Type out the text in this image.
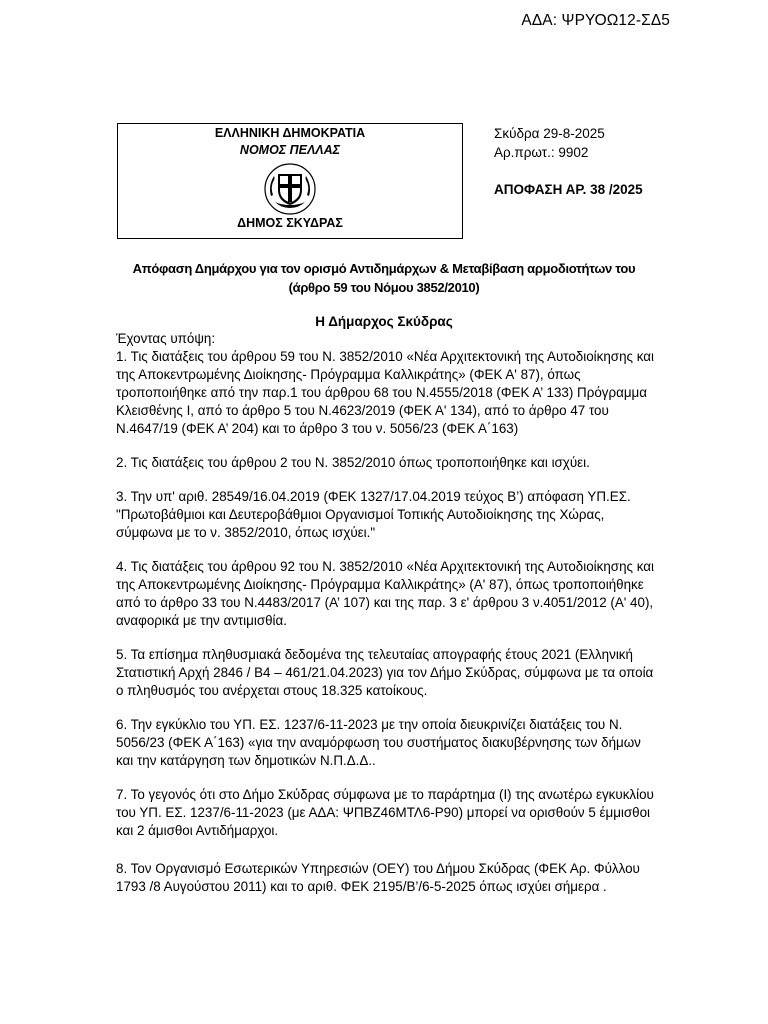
ΑΔΑ: ΨΡΥΟΩ12-ΣΔ5
ΕΛΛΗΝΙΚΗ ΔΗΜΟΚΡΑΤΙΑ
ΝΟΜΟΣ ΠΕΛΛΑΣ
ΔΗΜΟΣ ΣΚΥΔΡΑΣ
Σκύδρα 29-8-2025
Αρ.πρωτ.: 9902
ΑΠΟΦΑΣΗ ΑΡ. 38 /2025
Απόφαση Δημάρχου για τον ορισμό Αντιδημάρχων & Μεταβίβαση αρμοδιοτήτων του
(άρθρο 59 του Νόμου 3852/2010)
Η Δήμαρχος Σκύδρας

Έχοντας υπόψη:

1. Τις διατάξεις του άρθρου 59 του Ν. 3852/2010 «Νέα Αρχιτεκτονική της Αυτοδιοίκησης και της Αποκεντρωμένης Διοίκησης- Πρόγραμμα Καλλικράτης» (ΦΕΚ Α' 87), όπως τροποποιήθηκε από την παρ.1 του άρθρου 68 του Ν.4555/2018 (ΦΕΚ Α’ 133) Πρόγραμμα Κλεισθένης Ι, από το άρθρο 5 του Ν.4623/2019 (ΦΕΚ Α' 134), από το άρθρο 47 του Ν.4647/19 (ΦΕΚ Α’ 204) και το άρθρο 3 του ν. 5056/23 (ΦΕΚ Α΄163)

2. Τις διατάξεις του άρθρου 2 του Ν. 3852/2010 όπως τροποποιήθηκε και ισχύει.

3. Την υπ' αριθ. 28549/16.04.2019 (ΦΕΚ 1327/17.04.2019 τεύχος Β’) απόφαση ΥΠ.ΕΣ. "Πρωτοβάθμιοι και Δευτεροβάθμιοι Οργανισμοί Τοπικής Αυτοδιοίκησης της Χώρας, σύμφωνα με το ν. 3852/2010, όπως ισχύει."

4. Τις διατάξεις του άρθρου 92 του Ν. 3852/2010 «Νέα Αρχιτεκτονική της Αυτοδιοίκησης και της Αποκεντρωμένης Διοίκησης- Πρόγραμμα Καλλικράτης» (Α' 87), όπως τροποποιήθηκε από το άρθρο 33 του Ν.4483/2017 (Α’ 107) και της παρ. 3 ε' άρθρου 3 ν.4051/2012 (Α' 40), αναφορικά με την αντιμισθία.

5. Τα επίσημα πληθυσμιακά δεδομένα της τελευταίας απογραφής έτους 2021 (Ελληνική Στατιστική Αρχή 2846 / Β4 – 461/21.04.2023) για τον Δήμο Σκύδρας, σύμφωνα με τα οποία ο πληθυσμός του ανέρχεται στους 18.325 κατοίκους.

6. Την εγκύκλιο του ΥΠ. ΕΣ. 1237/6-11-2023 με την οποία διευκρινίζει διατάξεις του Ν. 5056/23 (ΦΕΚ Α΄163) «για την αναμόρφωση του συστήματος διακυβέρνησης των δήμων και την κατάργηση των δημοτικών Ν.Π.Δ.Δ..

7. Το γεγονός ότι στο Δήμο Σκύδρας σύμφωνα με το παράρτημα (Ι) της ανωτέρω εγκυκλίου του ΥΠ. ΕΣ. 1237/6-11-2023 (με ΑΔΑ: ΨΠΒΖ46ΜΤΛ6-Ρ90) μπορεί να ορισθούν 5 έμμισθοι και 2 άμισθοι Αντιδήμαρχοι.

8. Τον Οργανισμό Εσωτερικών Υπηρεσιών (ΟΕΥ) του Δήμου Σκύδρας (ΦΕΚ Αρ. Φύλλου 1793 /8 Αυγούστου 2011) και το αριθ. ΦΕΚ 2195/Β’/6-5-2025 όπως ισχύει σήμερα .
